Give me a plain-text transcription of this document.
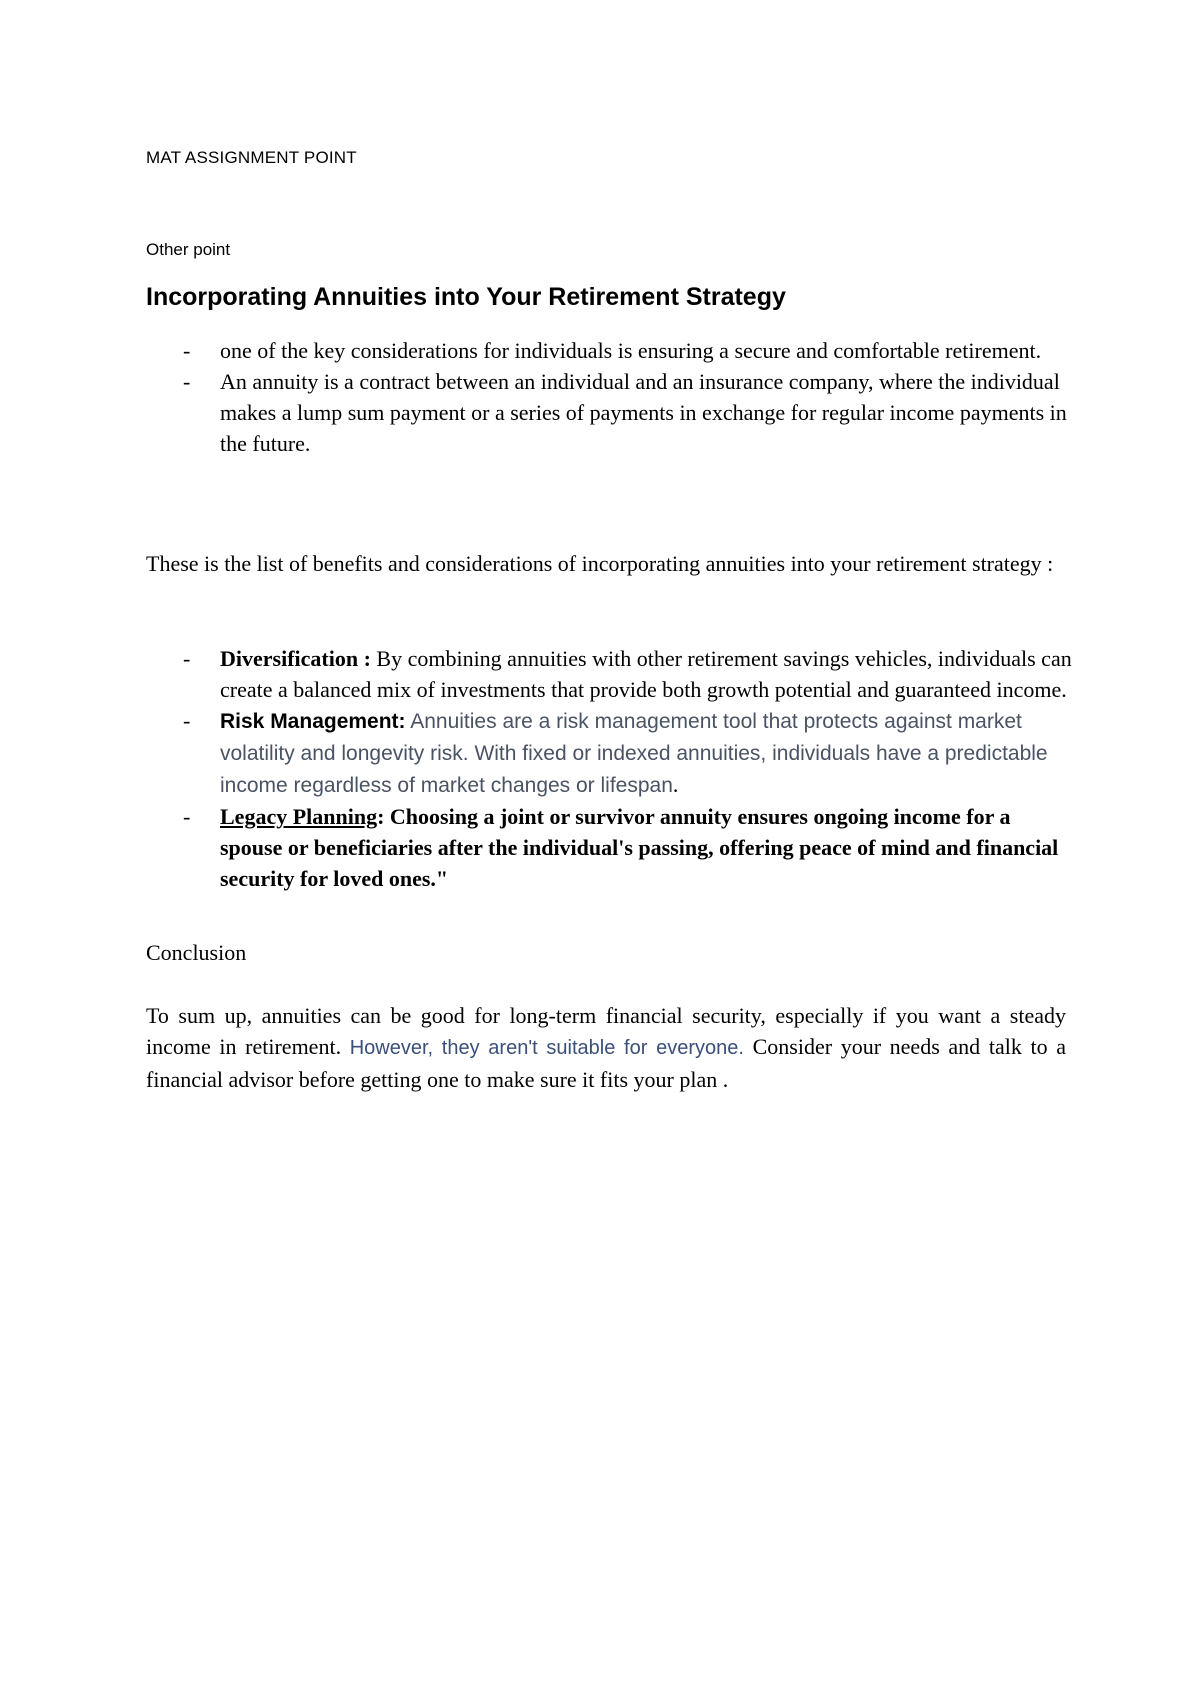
MAT ASSIGNMENT POINT
Other point
Incorporating Annuities into Your Retirement Strategy
- one of the key considerations for individuals is ensuring a secure and comfortable retirement.
- An annuity is a contract between an individual and an insurance company, where the individual makes a lump sum payment or a series of payments in exchange for regular income payments in the future.

These is the list of benefits and considerations of incorporating annuities into your retirement strategy :

- Diversification : By combining annuities with other retirement savings vehicles, individuals can create a balanced mix of investments that provide both growth potential and guaranteed income.
- Risk Management: Annuities are a risk management tool that protects against market volatility and longevity risk. With fixed or indexed annuities, individuals have a predictable income regardless of market changes or lifespan.
- Legacy Planning: Choosing a joint or survivor annuity ensures ongoing income for a spouse or beneficiaries after the individual's passing, offering peace of mind and financial security for loved ones."

Conclusion

To sum up, annuities can be good for long-term financial security, especially if you want a steady income in retirement. However, they aren't suitable for everyone. Consider your needs and talk to a financial advisor before getting one to make sure it fits your plan .
